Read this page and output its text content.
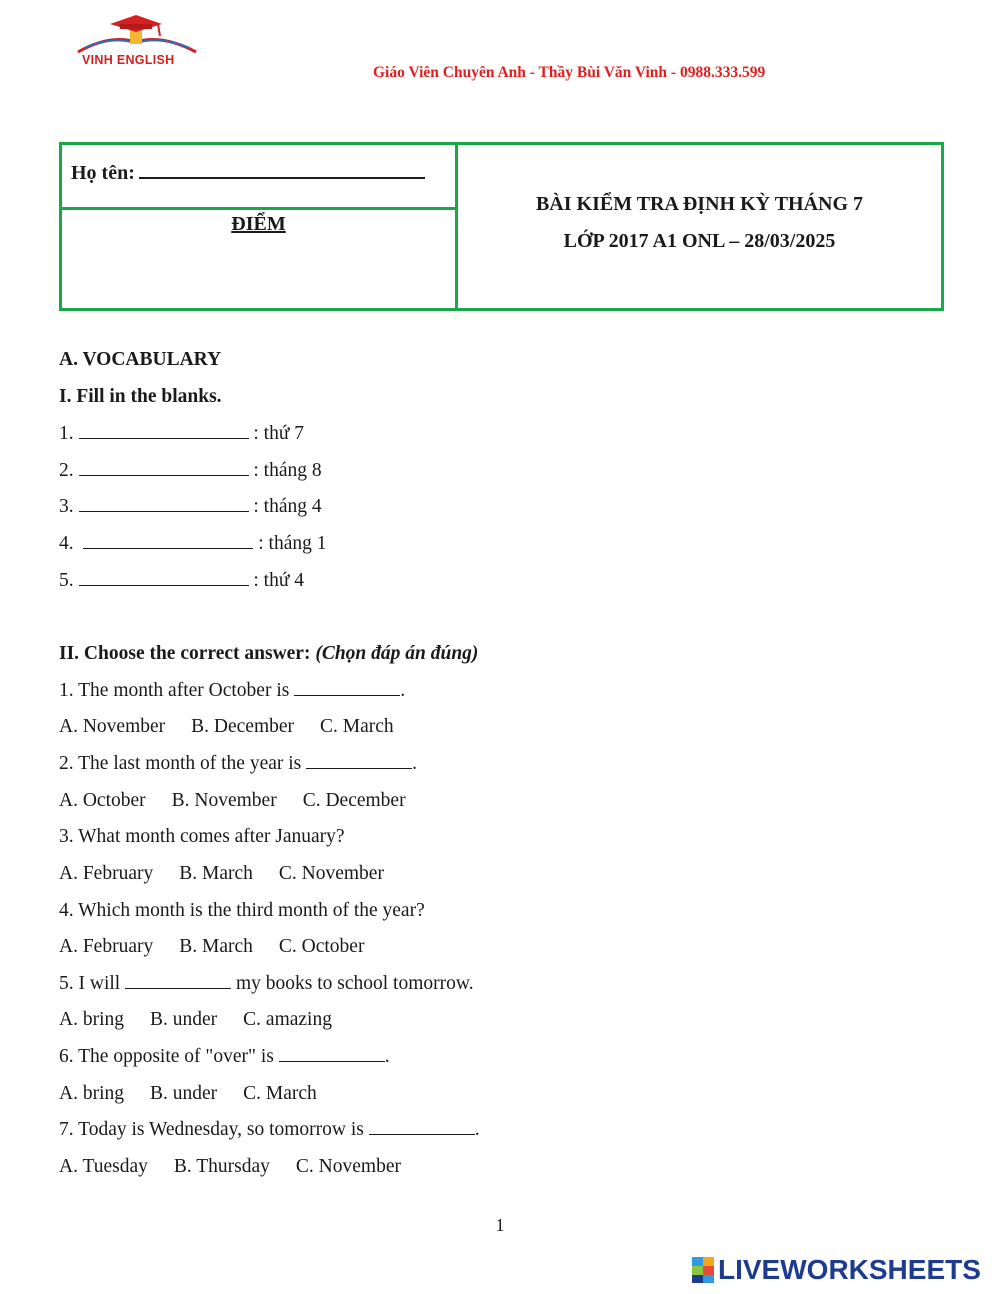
VINH ENGLISH
Giáo Viên Chuyên Anh - Thầy Bùi Văn Vinh - 0988.333.599
Họ tên:
ĐIỂM
BÀI KIỂM TRA ĐỊNH KỲ THÁNG 7
LỚP 2017 A1 ONL – 28/03/2025
A. VOCABULARY
I. Fill in the blanks.
1.	: thứ 7
2.	: tháng 8
3.	: tháng 4
4.	: tháng 1
5.	: thứ 4
II. Choose the correct answer: (Chọn đáp án đúng)
1. The month after October is	.
A. November B. December C. March
2. The last month of the year is	.
A. October B. November C. December
3. What month comes after January?
A. February B. March C. November
4. Which month is the third month of the year?
A. February B. March C. October
5. I will	my books to school tomorrow.
A. bring B. under C. amazing
6. The opposite of "over" is	.
A. bring B. under C. March
7. Today is Wednesday, so tomorrow is	.
A. Tuesday B. Thursday C. November
1
LIVEWORKSHEETS
